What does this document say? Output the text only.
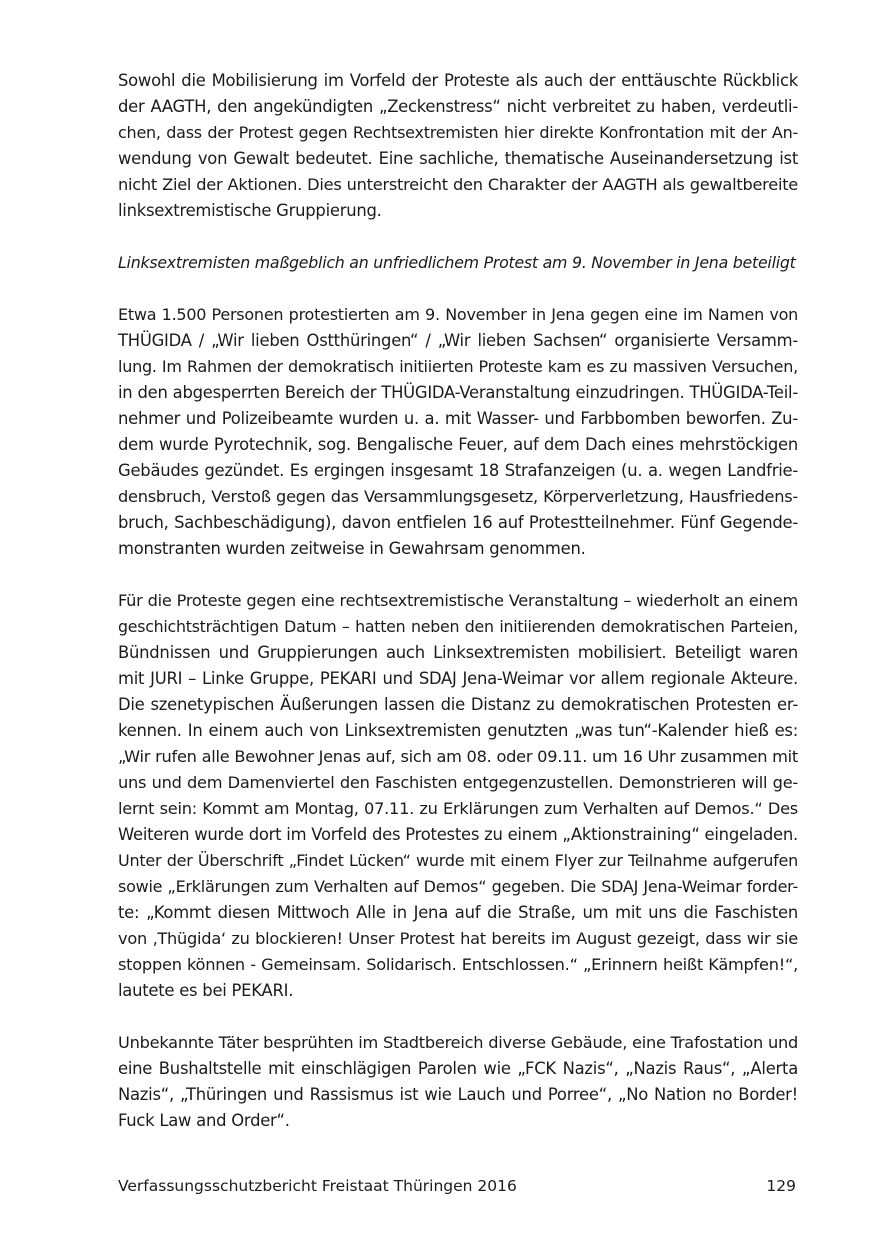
Sowohl die Mobilisierung im Vorfeld der Proteste als auch der enttäuschte Rückblick
der AAGTH, den angekündigten „Zeckenstress“ nicht verbreitet zu haben, verdeutli-
chen, dass der Protest gegen Rechtsextremisten hier direkte Konfrontation mit der An-
wendung von Gewalt bedeutet. Eine sachliche, thematische Auseinandersetzung ist
nicht Ziel der Aktionen. Dies unterstreicht den Charakter der AAGTH als gewaltbereite
linksextremistische Gruppierung.
Linksextremisten maßgeblich an unfriedlichem Protest am 9. November in Jena beteiligt
Etwa 1.500 Personen protestierten am 9. November in Jena gegen eine im Namen von
THÜGIDA / „Wir lieben Ostthüringen“ / „Wir lieben Sachsen“ organisierte Versamm-
lung. Im Rahmen der demokratisch initiierten Proteste kam es zu massiven Versuchen,
in den abgesperrten Bereich der THÜGIDA-Veranstaltung einzudringen. THÜGIDA-Teil-
nehmer und Polizeibeamte wurden u. a. mit Wasser- und Farbbomben beworfen. Zu-
dem wurde Pyrotechnik, sog. Bengalische Feuer, auf dem Dach eines mehrstöckigen
Gebäudes gezündet. Es ergingen insgesamt 18 Strafanzeigen (u. a. wegen Landfrie-
densbruch, Verstoß gegen das Versammlungsgesetz, Körperverletzung, Hausfriedens-
bruch, Sachbeschädigung), davon entfielen 16 auf Protestteilnehmer. Fünf Gegende-
monstranten wurden zeitweise in Gewahrsam genommen.
Für die Proteste gegen eine rechtsextremistische Veranstaltung – wiederholt an einem
geschichtsträchtigen Datum – hatten neben den initiierenden demokratischen Parteien,
Bündnissen und Gruppierungen auch Linksextremisten mobilisiert. Beteiligt waren
mit JURI – Linke Gruppe, PEKARI und SDAJ Jena-Weimar vor allem regionale Akteure.
Die szenetypischen Äußerungen lassen die Distanz zu demokratischen Protesten er-
kennen. In einem auch von Linksextremisten genutzten „was tun“-Kalender hieß es:
„Wir rufen alle Bewohner Jenas auf, sich am 08. oder 09.11. um 16 Uhr zusammen mit
uns und dem Damenviertel den Faschisten entgegenzustellen. Demonstrieren will ge-
lernt sein: Kommt am Montag, 07.11. zu Erklärungen zum Verhalten auf Demos.“ Des
Weiteren wurde dort im Vorfeld des Protestes zu einem „Aktionstraining“ eingeladen.
Unter der Überschrift „Findet Lücken“ wurde mit einem Flyer zur Teilnahme aufgerufen
sowie „Erklärungen zum Verhalten auf Demos“ gegeben. Die SDAJ Jena-Weimar forder-
te: „Kommt diesen Mittwoch Alle in Jena auf die Straße, um mit uns die Faschisten
von ‚Thügida‘ zu blockieren! Unser Protest hat bereits im August gezeigt, dass wir sie
stoppen können - Gemeinsam. Solidarisch. Entschlossen.“ „Erinnern heißt Kämpfen!“,
lautete es bei PEKARI.
Unbekannte Täter besprühten im Stadtbereich diverse Gebäude, eine Trafostation und
eine Bushaltstelle mit einschlägigen Parolen wie „FCK Nazis“, „Nazis Raus“, „Alerta
Nazis“, „Thüringen und Rassismus ist wie Lauch und Porree“, „No Nation no Border!
Fuck Law and Order“.
Verfassungsschutzbericht Freistaat Thüringen 2016	129
